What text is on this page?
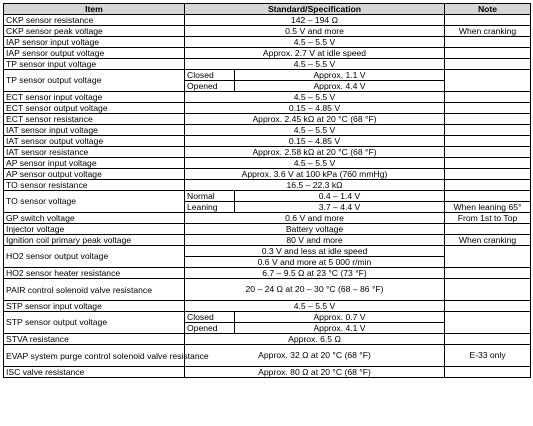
Item	Standard/Specification		Note
CKP sensor resistance	142 – 194 Ω		
CKP sensor peak voltage	0.5 V and more		When cranking
IAP sensor input voltage	4.5 – 5.5 V		
IAP sensor output voltage	Approx. 2.7 V at idle speed		
TP sensor input voltage	4.5 – 5.5 V		
TP sensor output voltage	Closed	Approx. 1.1 V	
	Opened	Approx. 4.4 V	
ECT sensor input voltage	4.5 – 5.5 V		
ECT sensor output voltage	0.15 – 4.85 V		
ECT sensor resistance	Approx. 2.45 kΩ at 20 °C (68 °F)		
IAT sensor input voltage	4.5 – 5.5 V		
IAT sensor output voltage	0.15 – 4.85 V		
IAT sensor resistance	Approx. 2.58 kΩ at 20 °C (68 °F)		
AP sensor input voltage	4.5 – 5.5 V		
AP sensor output voltage	Approx. 3.6 V at 100 kPa (760 mmHg)		
TO sensor resistance	16.5 – 22.3 kΩ		
TO sensor voltage	Normal	0.4 – 1.4 V	
	Leaning	3.7 – 4.4 V	When leaning 65°
GP switch voltage	0.6 V and more		From 1st to Top
Injector voltage	Battery voltage		
Ignition coil primary peak voltage	80 V and more		When cranking
HO2 sensor output voltage	0.3 V and less at idle speed		
	0.6 V and more at 5 000 r/min		
HO2 sensor heater resistance	6.7 – 9.5 Ω at 23 °C (73 °F)		
PAIR control solenoid valve resistance	20 – 24 Ω at 20 – 30 °C (68 – 86 °F)		
STP sensor input voltage	4.5 – 5.5 V		
STP sensor output voltage	Closed	Approx. 0.7 V	
	Opened	Approx. 4.1 V	
STVA resistance	Approx. 6.5 Ω		
EVAP system purge control solenoid valve resistance	Approx. 32 Ω at 20 °C (68 °F)		E-33 only
ISC valve resistance	Approx. 80 Ω at 20 °C (68 °F)		
